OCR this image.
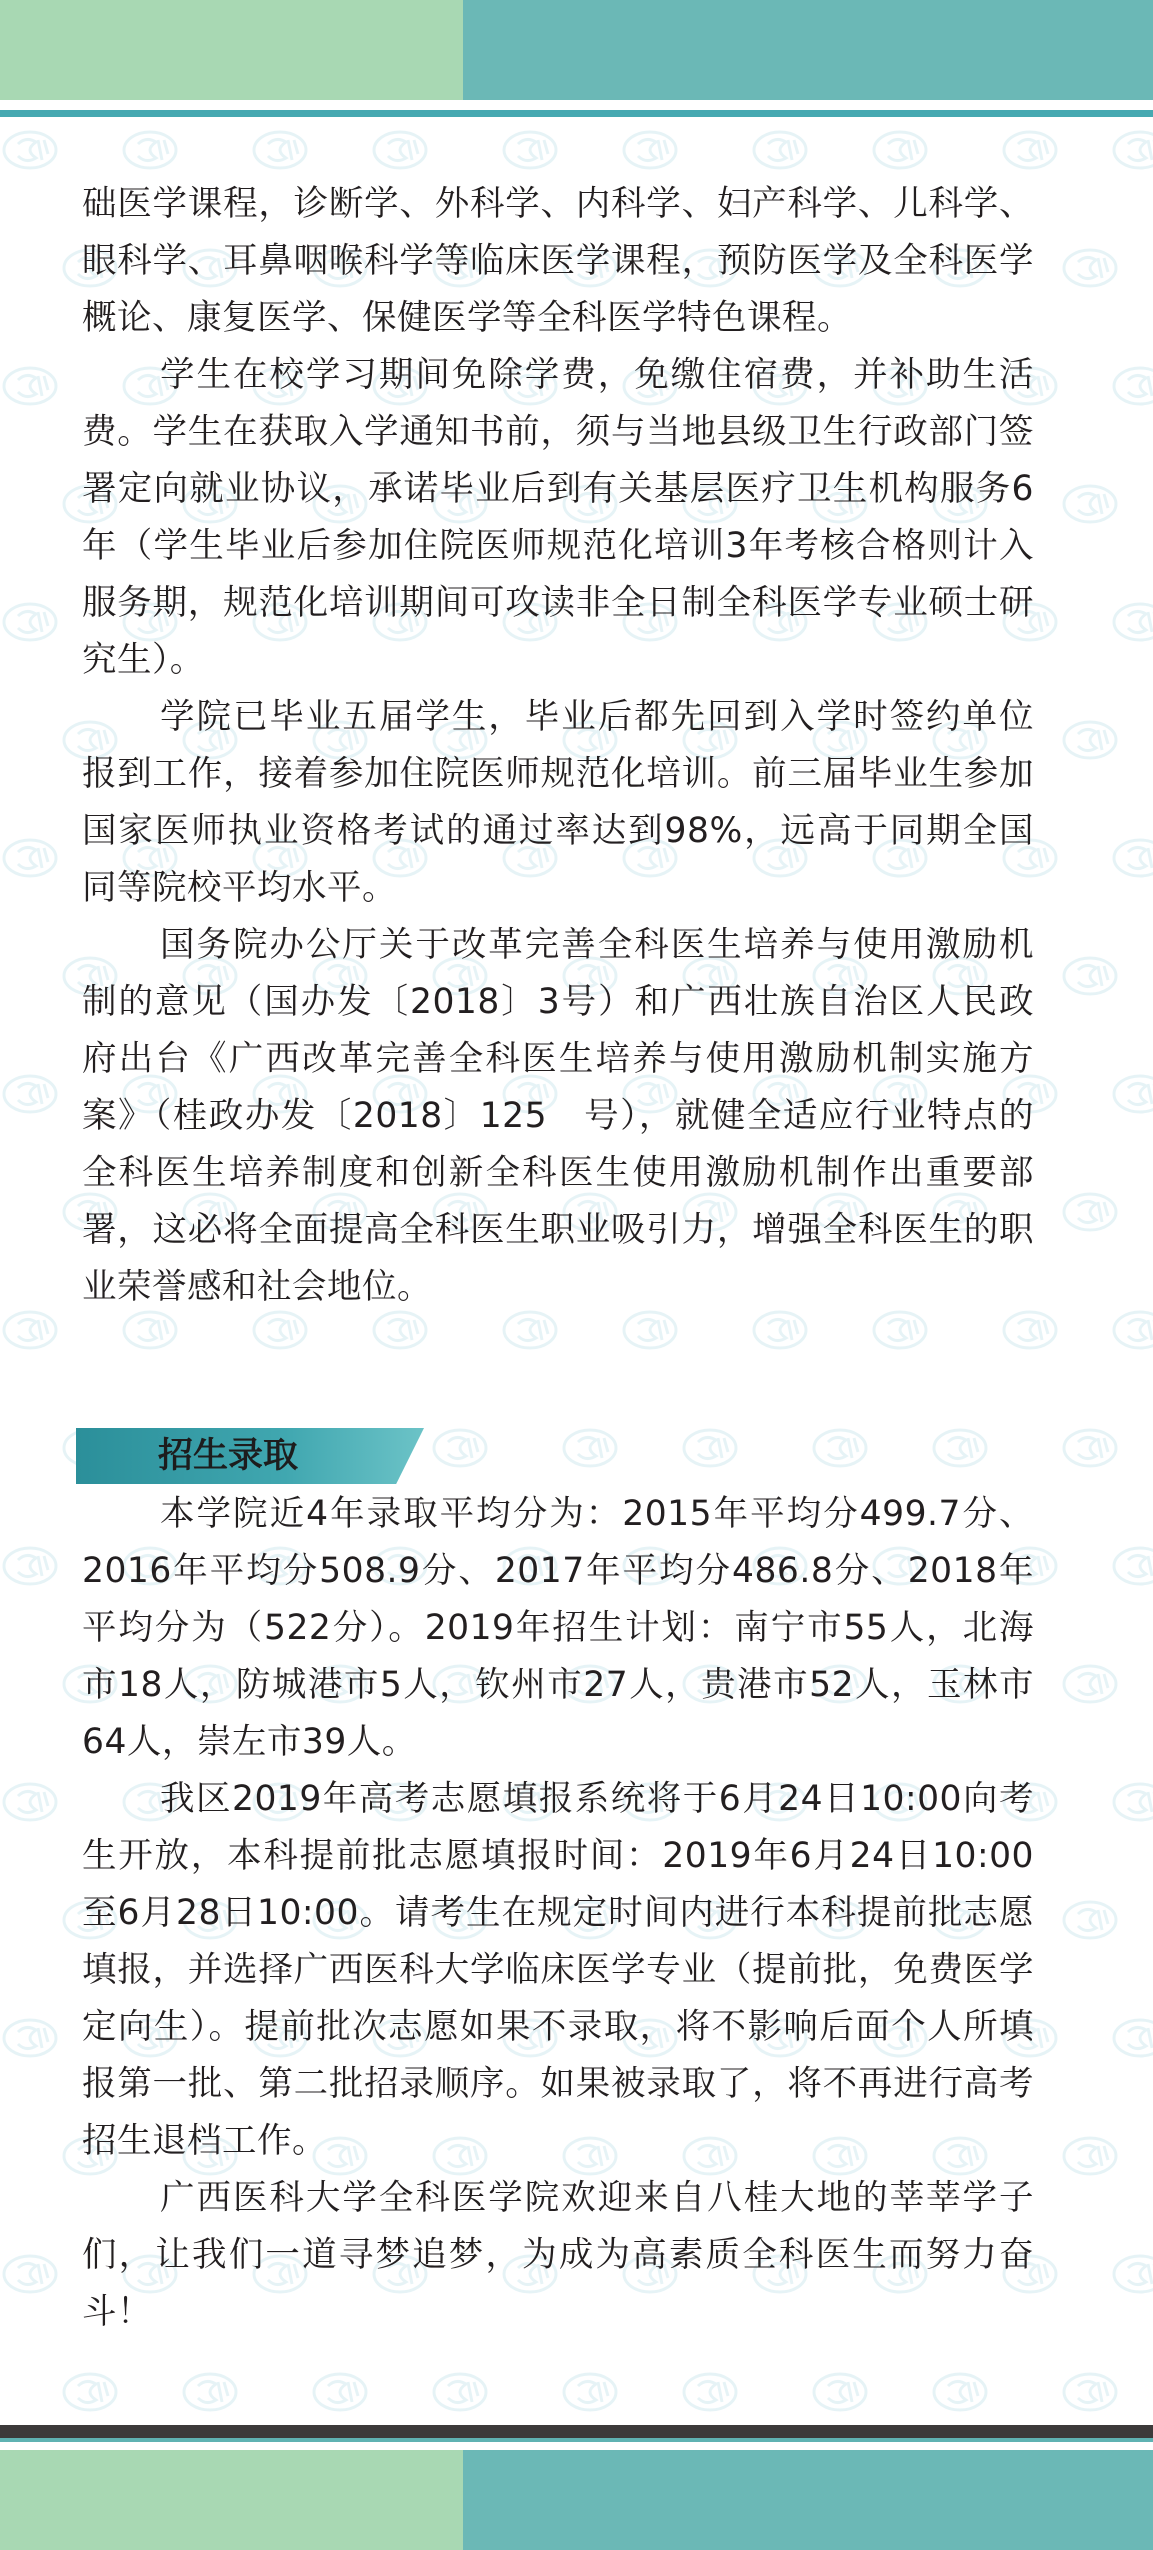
础医学课程，诊断学、外科学、内科学、妇产科学、儿科学、眼科学、耳鼻咽喉科学等临床医学课程，预防医学及全科医学概论、康复医学、保健医学等全科医学特色课程。

学生在校学习期间免除学费，免缴住宿费，并补助生活费。学生在获取入学通知书前，须与当地县级卫生行政部门签署定向就业协议，承诺毕业后到有关基层医疗卫生机构服务6年（学生毕业后参加住院医师规范化培训3年考核合格则计入服务期，规范化培训期间可攻读非全日制全科医学专业硕士研究生）。

学院已毕业五届学生，毕业后都先回到入学时签约单位报到工作，接着参加住院医师规范化培训。前三届毕业生参加国家医师执业资格考试的通过率达到98%，远高于同期全国同等院校平均水平。

国务院办公厅关于改革完善全科医生培养与使用激励机制的意见（国办发〔2018〕3号）和广西壮族自治区人民政府出台《广西改革完善全科医生培养与使用激励机制实施方案》（桂政办发〔2018〕125　号），就健全适应行业特点的全科医生培养制度和创新全科医生使用激励机制作出重要部署，这必将全面提高全科医生职业吸引力，增强全科医生的职业荣誉感和社会地位。

招生录取

本学院近4年录取平均分为：2015年平均分499.7分、2016年平均分508.9分、2017年平均分486.8分、2018年平均分为（522分）。2019年招生计划：南宁市55人，北海市18人，防城港市5人，钦州市27人，贵港市52人，玉林市64人，崇左市39人。

我区2019年高考志愿填报系统将于6月24日10:00向考生开放，本科提前批志愿填报时间：2019年6月24日10:00至6月28日10:00。请考生在规定时间内进行本科提前批志愿填报，并选择广西医科大学临床医学专业（提前批，免费医学定向生）。提前批次志愿如果不录取，将不影响后面个人所填报第一批、第二批招录顺序。如果被录取了，将不再进行高考招生退档工作。

广西医科大学全科医学院欢迎来自八桂大地的莘莘学子们，让我们一道寻梦追梦，为成为高素质全科医生而努力奋斗！
